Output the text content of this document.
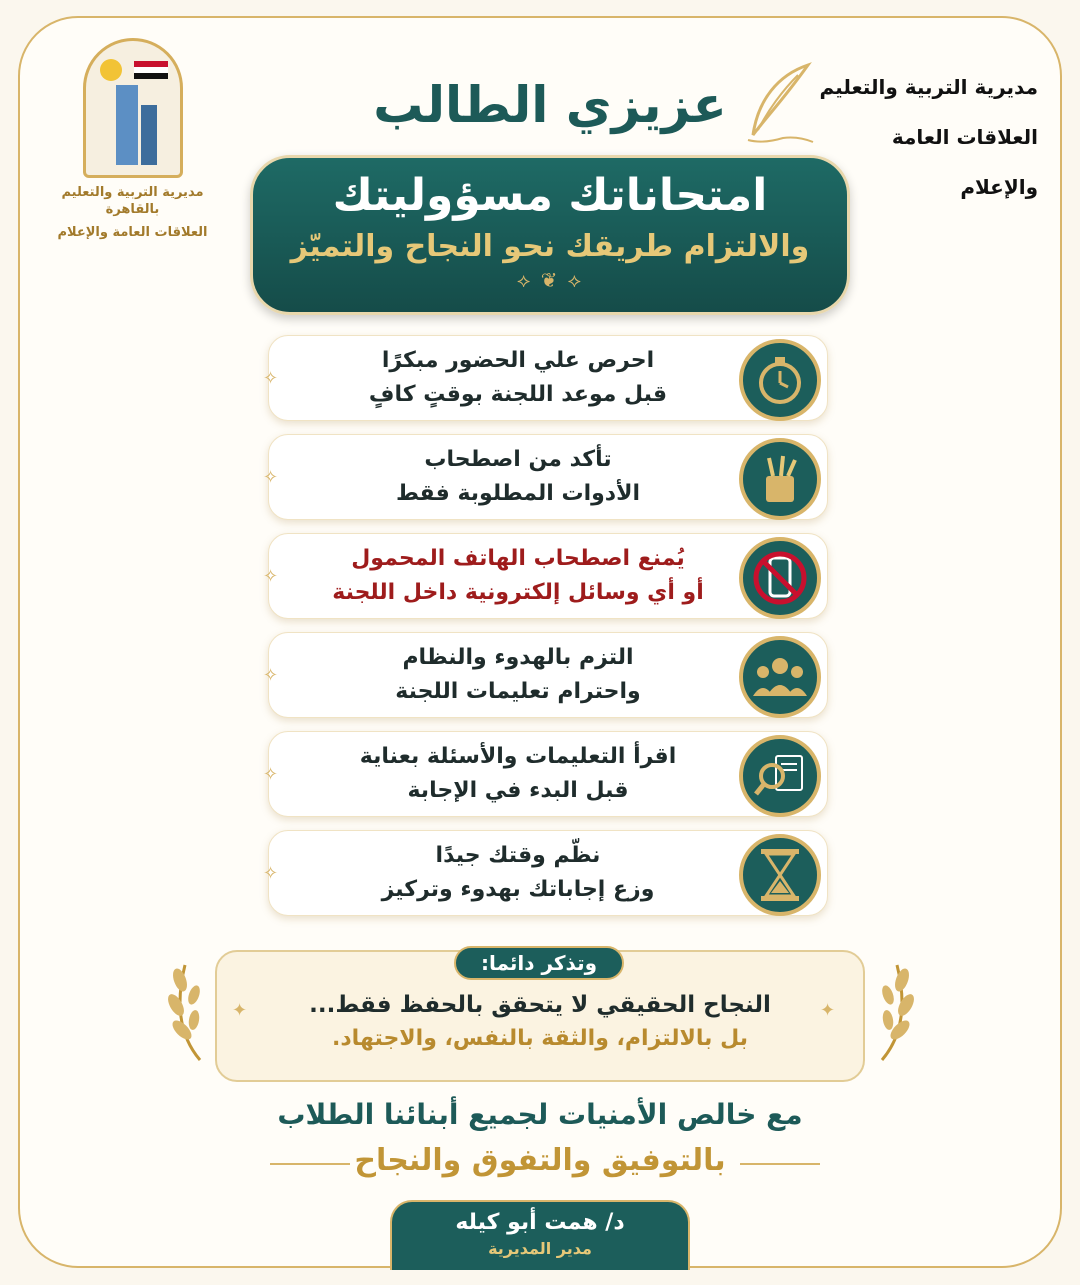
مديرية التربية والتعليم بالقاهرة
العلاقات العامة والإعلام
مديرية التربية والتعليم
العلاقات العامة والإعلام
عزيزي الطالب
امتحاناتك مسؤوليتك
والالتزام طريقك نحو النجاح والتميّز
⟡ ❦ ⟡
احرص علي الحضور مبكرًا
قبل موعد اللجنة بوقتٍ كافٍ
✧
تأكد من اصطحاب
الأدوات المطلوبة فقط
✧
يُمنع اصطحاب الهاتف المحمول
أو أي وسائل إلكترونية داخل اللجنة
✧
التزم بالهدوء والنظام
واحترام تعليمات اللجنة
✧
اقرأ التعليمات والأسئلة بعناية
قبل البدء في الإجابة
✧
نظّم وقتك جيدًا
وزع إجاباتك بهدوء وتركيز
✧
وتذكر دائما:
النجاح الحقيقي لا يتحقق بالحفظ فقط...
بل بالالتزام، والثقة بالنفس، والاجتهاد.
✦	✦
مع خالص الأمنيات لجميع أبنائنا الطلاب
بالتوفيق والتفوق والنجاح
د/ همت أبو كيله
مدير المديرية
